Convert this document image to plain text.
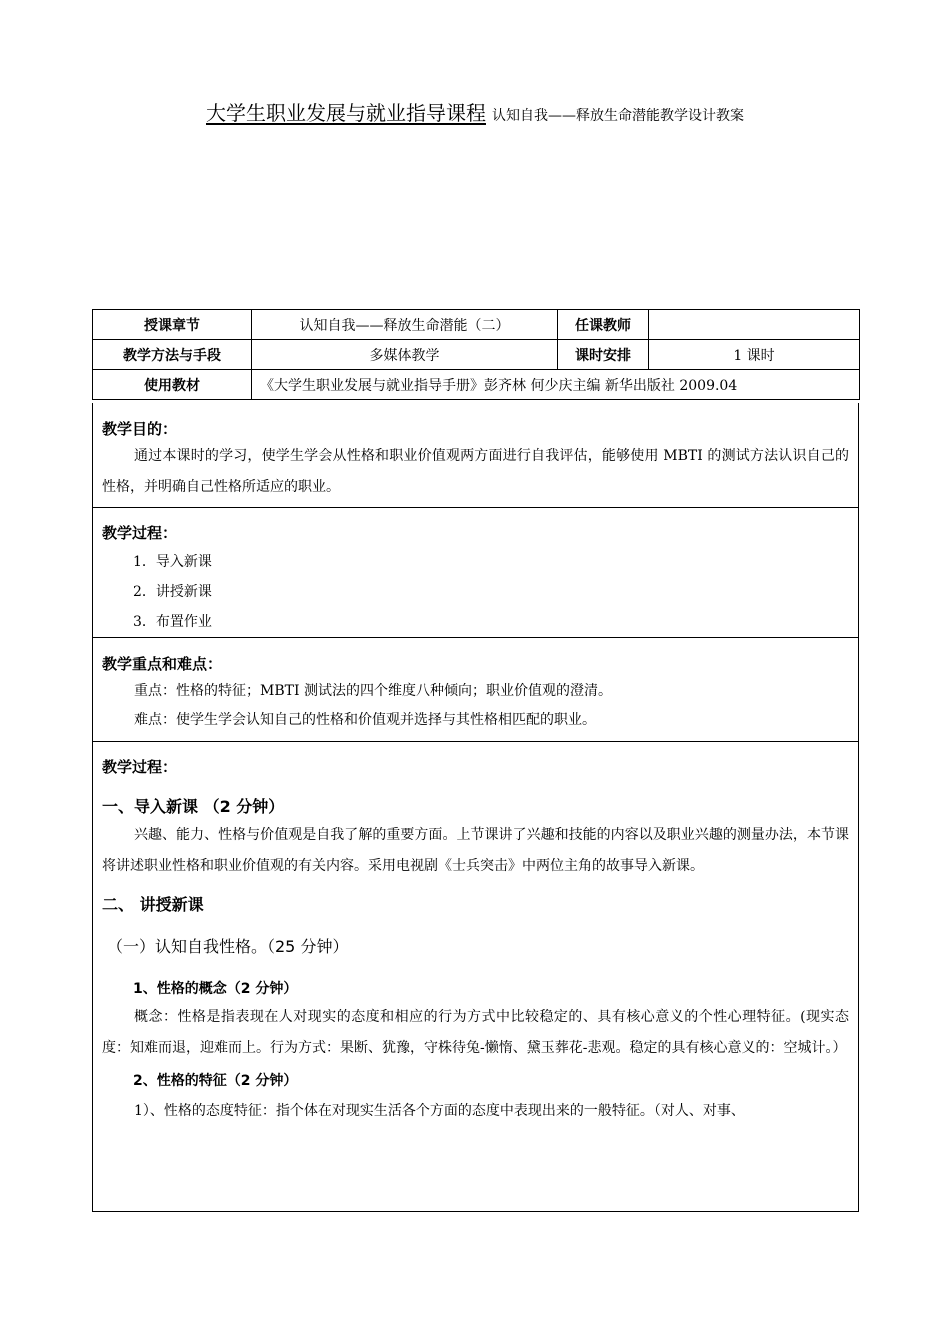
大学生职业发展与就业指导课程 认知自我——释放生命潜能教学设计教案
授课章节	认知自我——释放生命潜能（二）	任课教师	
教学方法与手段	多媒体教学	课时安排	1 课时
使用教材	《大学生职业发展与就业指导手册》彭齐林 何少庆主编 新华出版社 2009.04		
教学目的：
通过本课时的学习，使学生学会从性格和职业价值观两方面进行自我评估，能够使用 MBTI 的测试方法认识自己的性格，并明确自己性格所适应的职业。
教学过程：
1．导入新课
2．讲授新课
3．布置作业
教学重点和难点：
重点：性格的特征；MBTI 测试法的四个维度八种倾向；职业价值观的澄清。
难点：使学生学会认知自己的性格和价值观并选择与其性格相匹配的职业。
教学过程：
一、导入新课 （2 分钟）
兴趣、能力、性格与价值观是自我了解的重要方面。上节课讲了兴趣和技能的内容以及职业兴趣的测量办法，本节课将讲述职业性格和职业价值观的有关内容。采用电视剧《士兵突击》中两位主角的故事导入新课。
二、 讲授新课
（一）认知自我性格。（25 分钟）
1、性格的概念（2 分钟）
概念：性格是指表现在人对现实的态度和相应的行为方式中比较稳定的、具有核心意义的个性心理特征。(现实态度：知难而退，迎难而上。行为方式：果断、犹豫，守株待兔-懒惰、黛玉葬花-悲观。稳定的具有核心意义的：空城计。）
2、性格的特征（2 分钟）
1）、性格的态度特征：指个体在对现实生活各个方面的态度中表现出来的一般特征。（对人、对事、
